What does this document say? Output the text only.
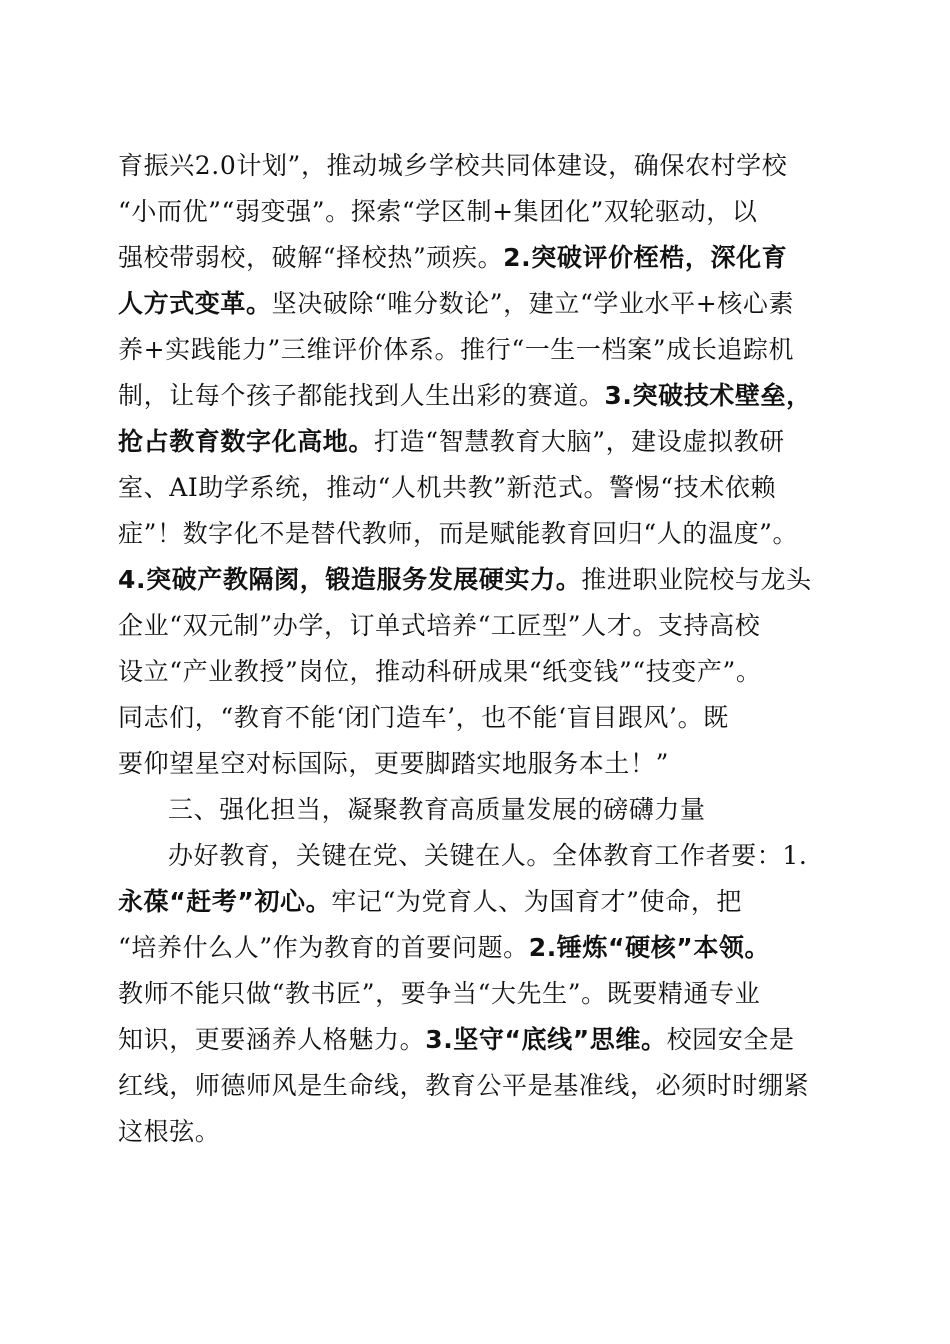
育振兴2.0计划”，推动城乡学校共同体建设，确保农村学校
“小而优”“弱变强”。探索“学区制+集团化”双轮驱动，以
强校带弱校，破解“择校热”顽疾。2.突破评价桎梏，深化育
人方式变革。坚决破除“唯分数论”，建立“学业水平+核心素
养+实践能力”三维评价体系。推行“一生一档案”成长追踪机
制，让每个孩子都能找到人生出彩的赛道。3.突破技术壁垒，
抢占教育数字化高地。打造“智慧教育大脑”，建设虚拟教研
室、AI助学系统，推动“人机共教”新范式。警惕“技术依赖
症”！数字化不是替代教师，而是赋能教育回归“人的温度”。
4.突破产教隔阂，锻造服务发展硬实力。推进职业院校与龙头
企业“双元制”办学，订单式培养“工匠型”人才。支持高校
设立“产业教授”岗位，推动科研成果“纸变钱”“技变产”。
同志们，“教育不能‘闭门造车’，也不能‘盲目跟风’。既
要仰望星空对标国际，更要脚踏实地服务本土！”
三、强化担当，凝聚教育高质量发展的磅礴力量
办好教育，关键在党、关键在人。全体教育工作者要：1.
永葆“赶考”初心。牢记“为党育人、为国育才”使命，把
“培养什么人”作为教育的首要问题。2.锤炼“硬核”本领。
教师不能只做“教书匠”，要争当“大先生”。既要精通专业
知识，更要涵养人格魅力。3.坚守“底线”思维。校园安全是
红线，师德师风是生命线，教育公平是基准线，必须时时绷紧
这根弦。
